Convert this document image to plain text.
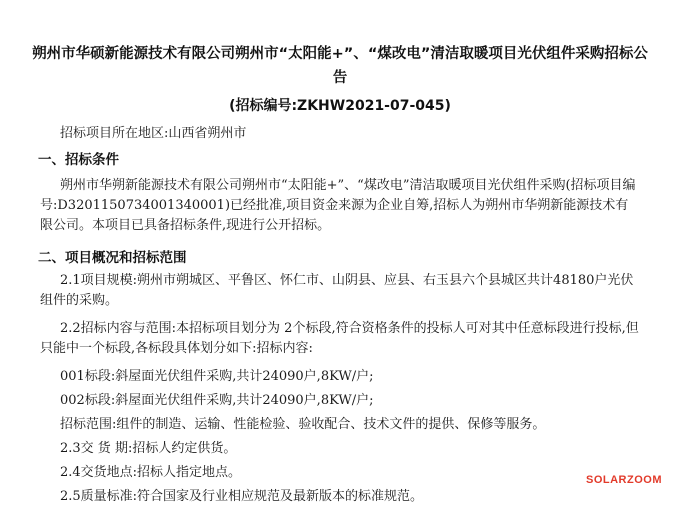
朔州市华硕新能源技术有限公司朔州市“太阳能+”、“煤改电”清洁取暖项目光伏组件采购招标公告
(招标编号:ZKHW2021-07-045)
招标项目所在地区:山西省朔州市
一、招标条件
朔州市华朔新能源技术有限公司朔州市“太阳能+”、“煤改电”清洁取暖项目光伏组件采购(招标项目编号:D3201150734001340001)已经批准,项目资金来源为企业自筹,招标人为朔州市华朔新能源技术有限公司。本项目已具备招标条件,现进行公开招标。
二、项目概况和招标范围
2.1项目规模:朔州市朔城区、平鲁区、怀仁市、山阴县、应县、右玉县六个县城区共计48180户光伏组件的采购。
2.2招标内容与范围:本招标项目划分为 2个标段,符合资格条件的投标人可对其中任意标段进行投标,但只能中一个标段,各标段具体划分如下:招标内容:
001标段:斜屋面光伏组件采购,共计24090户,8KW/户;
002标段:斜屋面光伏组件采购,共计24090户,8KW/户;
招标范围:组件的制造、运输、性能检验、验收配合、技术文件的提供、保修等服务。
2.3交 货 期:招标人约定供货。
2.4交货地点:招标人指定地点。
2.5质量标准:符合国家及行业相应规范及最新版本的标准规范。
SOLARZOOM
